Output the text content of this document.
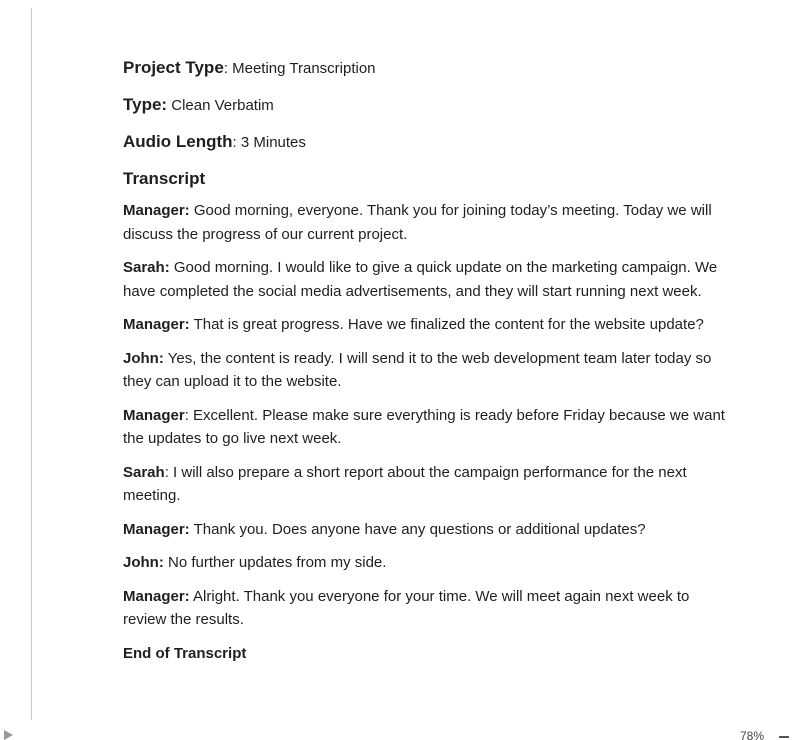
Project Type: Meeting Transcription
Type: Clean Verbatim
Audio Length: 3 Minutes
Transcript

Manager: Good morning, everyone. Thank you for joining today’s meeting. Today we will discuss the progress of our current project.

Sarah: Good morning. I would like to give a quick update on the marketing campaign. We have completed the social media advertisements, and they will start running next week.

Manager: That is great progress. Have we finalized the content for the website update?

John: Yes, the content is ready. I will send it to the web development team later today so they can upload it to the website.

Manager: Excellent. Please make sure everything is ready before Friday because we want the updates to go live next week.

Sarah: I will also prepare a short report about the campaign performance for the next meeting.

Manager: Thank you. Does anyone have any questions or additional updates?

John: No further updates from my side.

Manager: Alright. Thank you everyone for your time. We will meet again next week to review the results.

End of Transcript
78%
